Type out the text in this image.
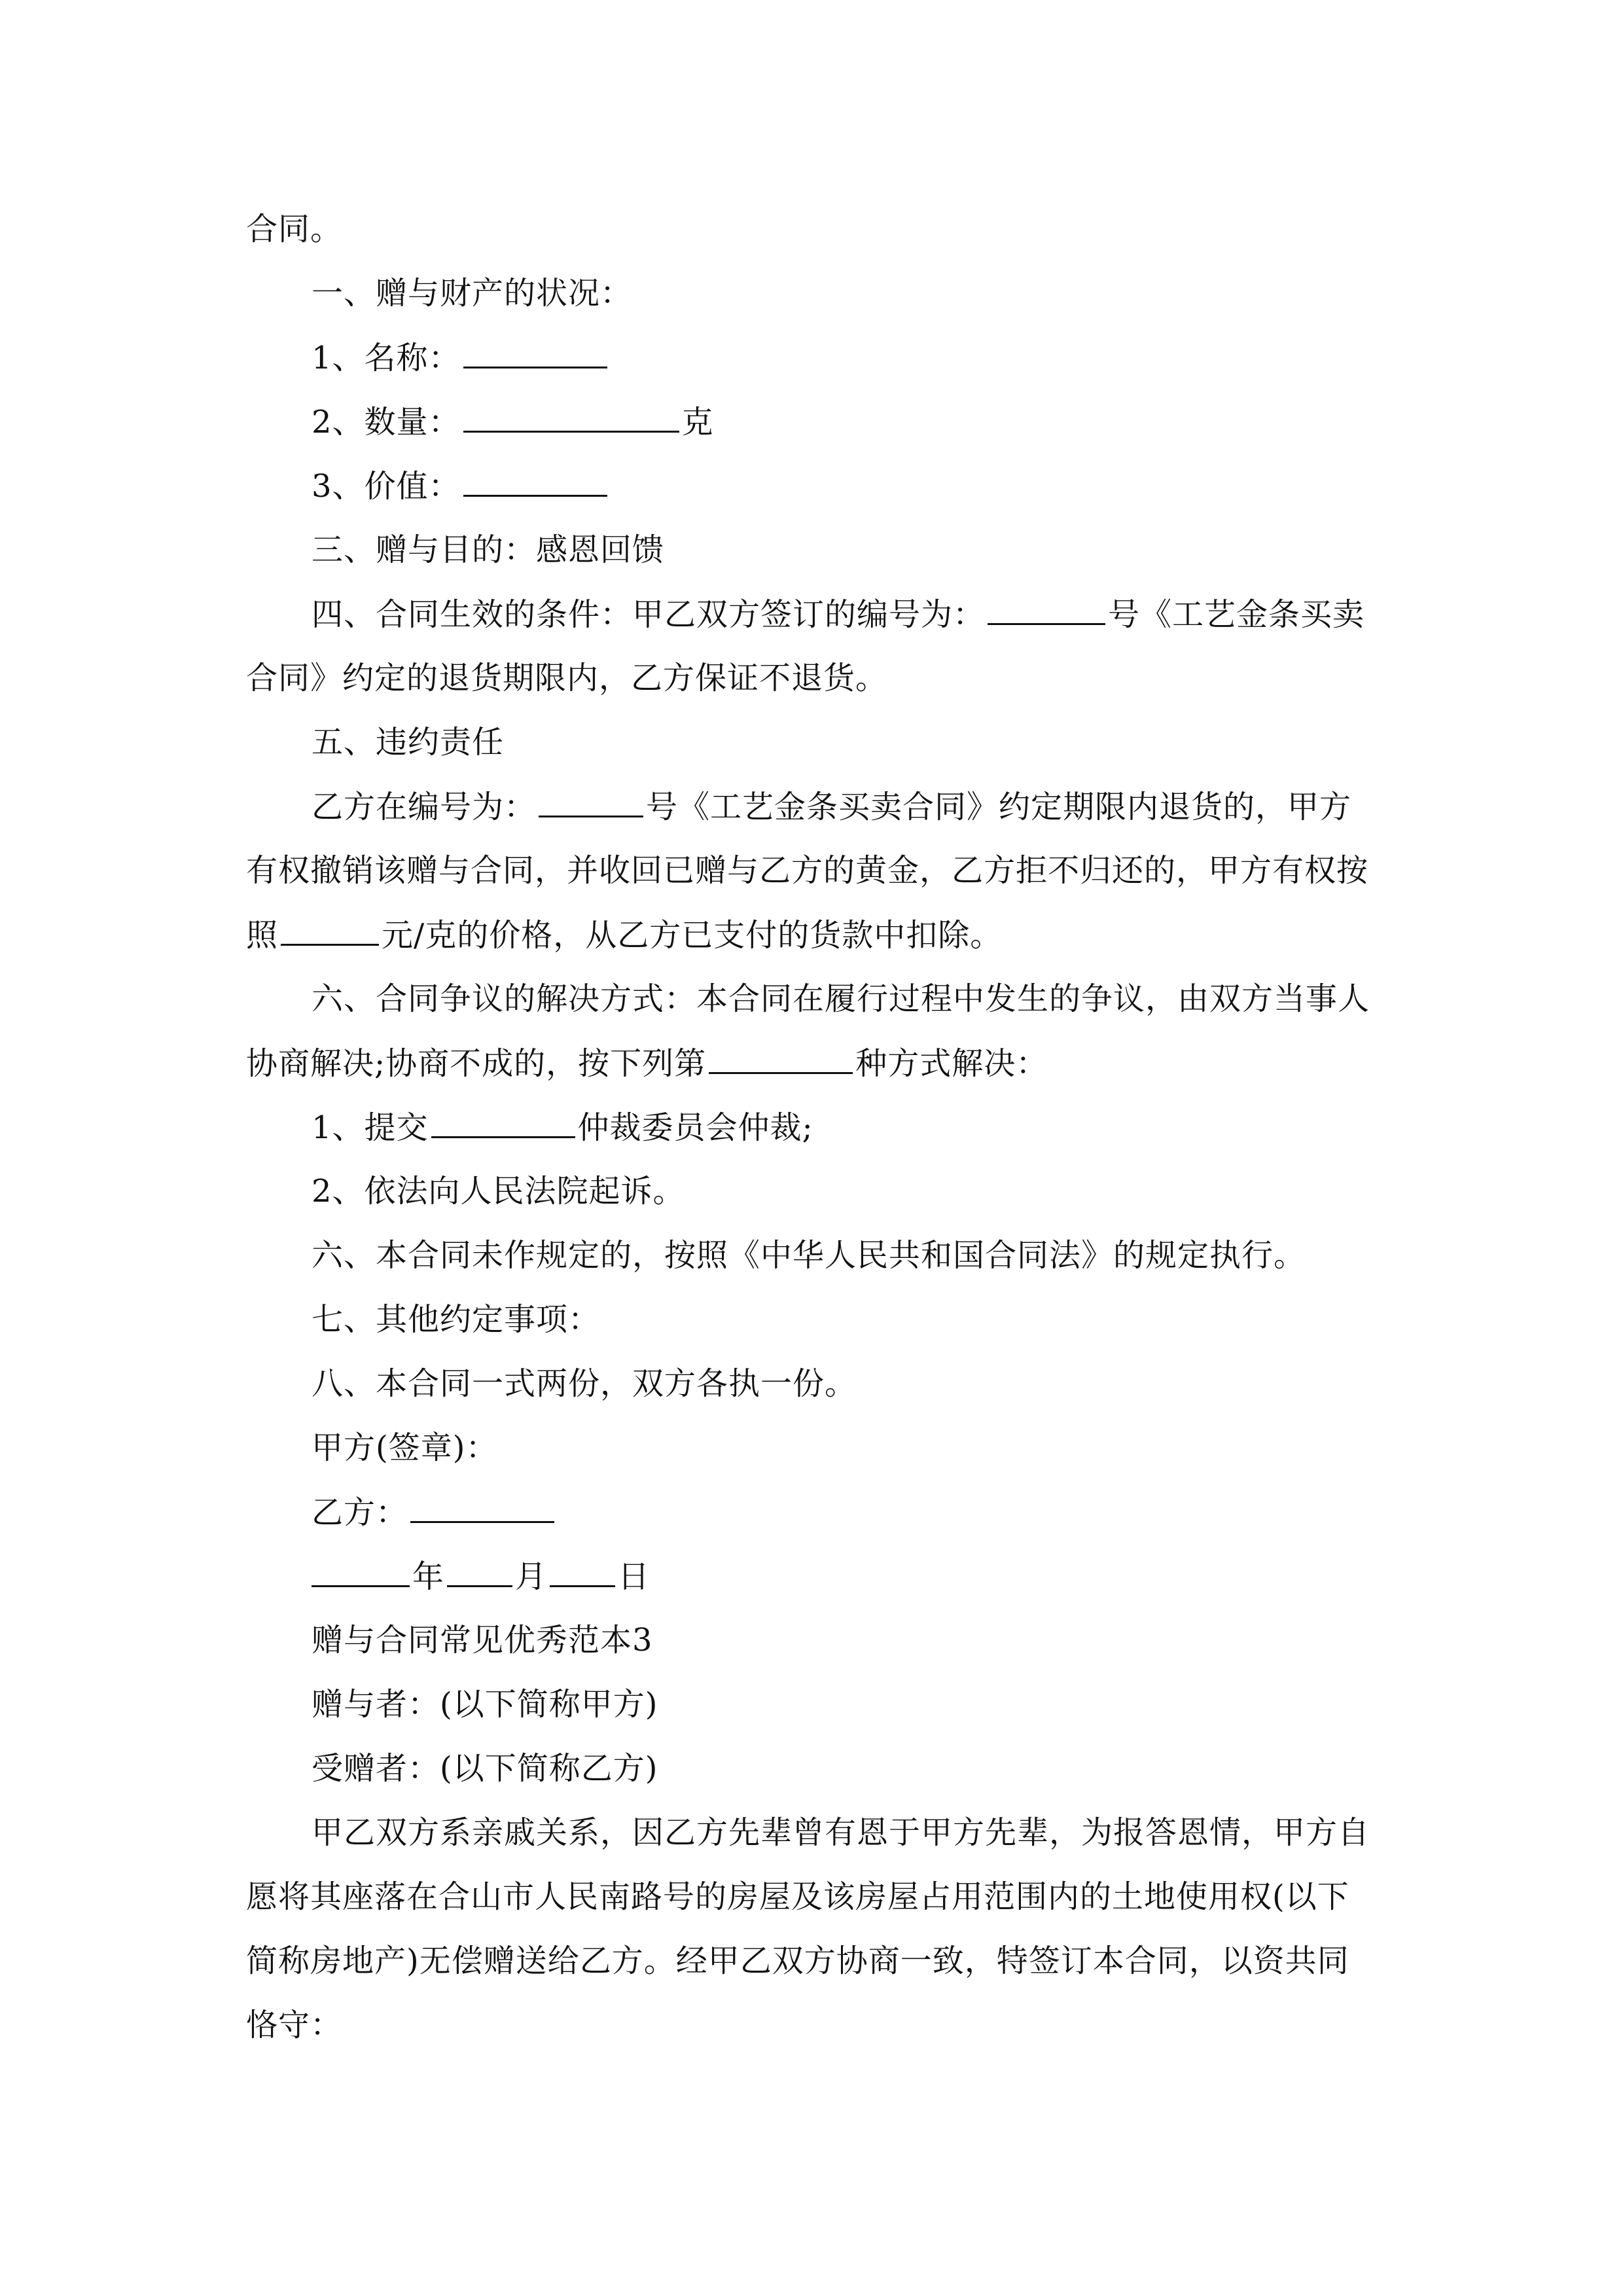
合同。
一、赠与财产的状况：
1、名称：
2、数量：	克
3、价值：
三、赠与目的：感恩回馈
四、合同生效的条件：甲乙双方签订的编号为：	号《工艺金条买卖
合同》约定的退货期限内，乙方保证不退货。
五、违约责任
乙方在编号为：	号《工艺金条买卖合同》约定期限内退货的，甲方
有权撤销该赠与合同，并收回已赠与乙方的黄金，乙方拒不归还的，甲方有权按
照	元/克的价格，从乙方已支付的货款中扣除。
六、合同争议的解决方式：本合同在履行过程中发生的争议，由双方当事人
协商解决;协商不成的，按下列第	种方式解决：
1、提交	仲裁委员会仲裁;
2、依法向人民法院起诉。
六、本合同未作规定的，按照《中华人民共和国合同法》的规定执行。
七、其他约定事项：
八、本合同一式两份，双方各执一份。
甲方(签章)：
乙方：
年 月 日
赠与合同常见优秀范本3
赠与者：(以下简称甲方)
受赠者：(以下简称乙方)
甲乙双方系亲戚关系，因乙方先辈曾有恩于甲方先辈，为报答恩情，甲方自
愿将其座落在合山市人民南路号的房屋及该房屋占用范围内的土地使用权(以下
简称房地产)无偿赠送给乙方。经甲乙双方协商一致，特签订本合同，以资共同
恪守：
